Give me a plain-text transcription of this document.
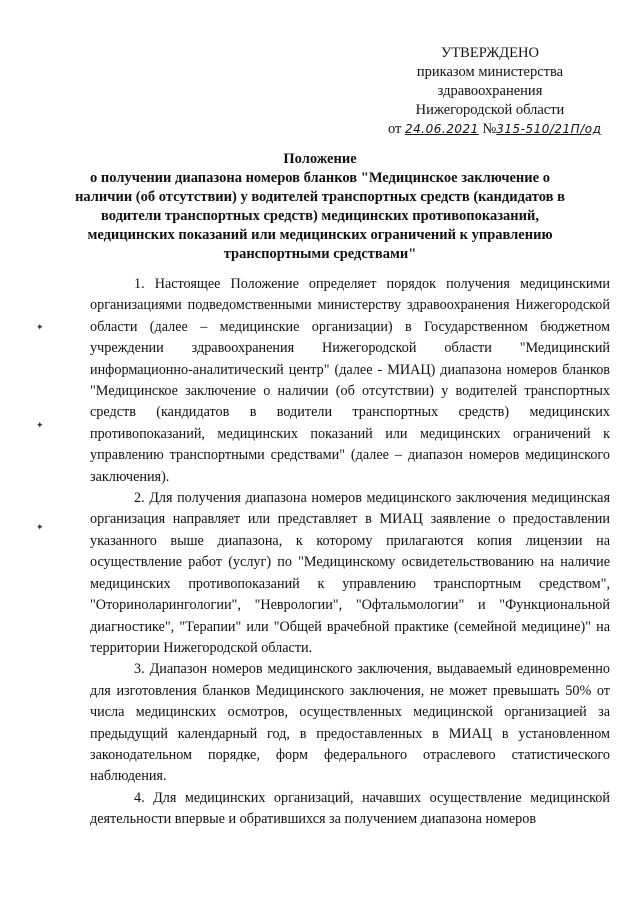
УТВЕРЖДЕНО
приказом министерства
здравоохранения
Нижегородской области
от 24.06.2021 №315-510/21П/од
Положение
о получении диапазона номеров бланков "Медицинское заключение о наличии (об отсутствии) у водителей транспортных средств (кандидатов в водители транспортных средств) медицинских противопоказаний, медицинских показаний или медицинских ограничений к управлению транспортными средствами"
✦
✦
✦

1. Настоящее Положение определяет порядок получения медицинскими организациями подведомственными министерству здравоохранения Нижегородской области (далее – медицинские организации) в Государственном бюджетном учреждении здравоохранения Нижегородской области "Медицинский информационно-аналитический центр" (далее - МИАЦ) диапазона номеров бланков "Медицинское заключение о наличии (об отсутствии) у водителей транспортных средств (кандидатов в водители транспортных средств) медицинских противопоказаний, медицинских показаний или медицинских ограничений к управлению транспортными средствами" (далее – диапазон номеров медицинского заключения).

2. Для получения диапазона номеров медицинского заключения медицинская организация направляет или представляет в МИАЦ заявление о предоставлении указанного выше диапазона, к которому прилагаются копия лицензии на осуществление работ (услуг) по "Медицинскому освидетельствованию на наличие медицинских противопоказаний к управлению транспортным средством", "Оториноларингологии", "Неврологии", "Офтальмологии" и "Функциональной диагностике", "Терапии" или "Общей врачебной практике (семейной медицине)" на территории Нижегородской области.

3. Диапазон номеров медицинского заключения, выдаваемый единовременно для изготовления бланков Медицинского заключения, не может превышать 50% от числа медицинских осмотров, осуществленных медицинской организацией за предыдущий календарный год, в предоставленных в МИАЦ в установленном законодательном порядке, форм федерального отраслевого статистического наблюдения.

4. Для медицинских организаций, начавших осуществление медицинской деятельности впервые и обратившихся за получением диапазона номеров
